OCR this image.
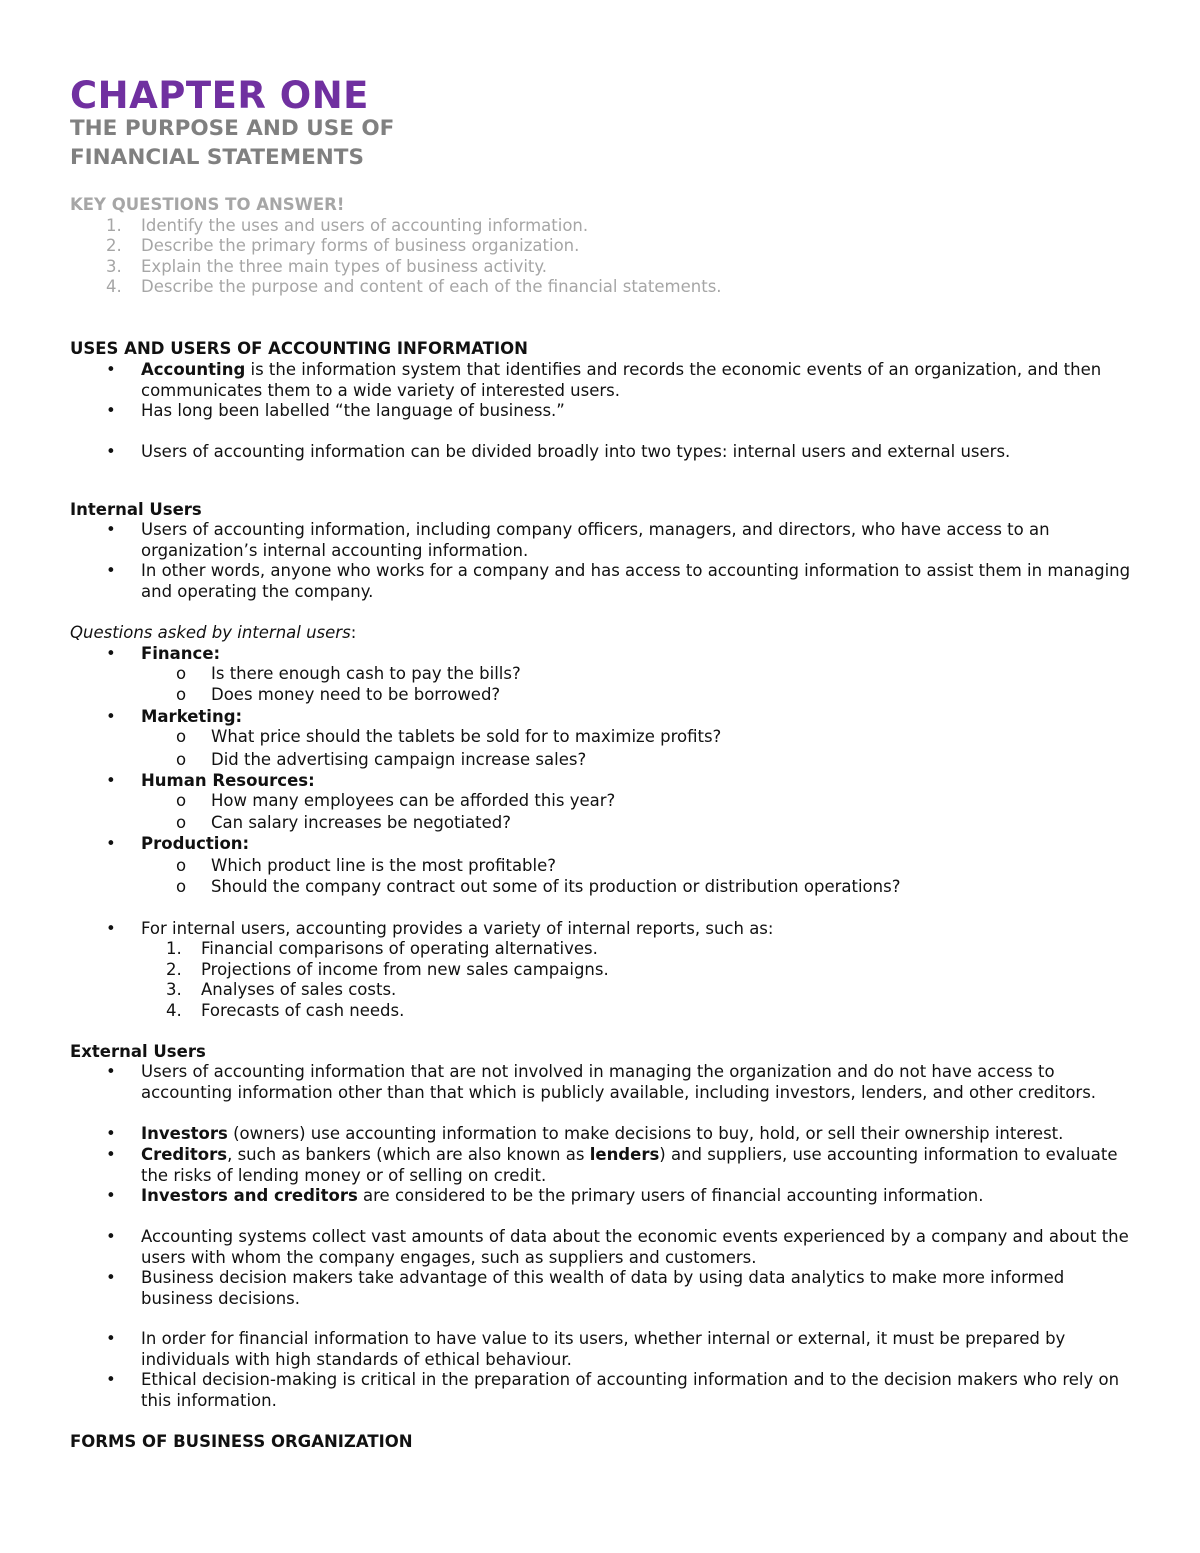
CHAPTER ONE
THE PURPOSE AND USE OF
FINANCIAL STATEMENTS
KEY QUESTIONS TO ANSWER!
1. Identify the uses and users of accounting information.
2. Describe the primary forms of business organization.
3. Explain the three main types of business activity.
4. Describe the purpose and content of each of the financial statements.
USES AND USERS OF ACCOUNTING INFORMATION
• Accounting is the information system that identifies and records the economic events of an organization, and then communicates them to a wide variety of interested users.
• Has long been labelled “the language of business.”
• Users of accounting information can be divided broadly into two types: internal users and external users.
Internal Users
• Users of accounting information, including company officers, managers, and directors, who have access to an organization’s internal accounting information.
• In other words, anyone who works for a company and has access to accounting information to assist them in managing and operating the company.
Questions asked by internal users:
• Finance:
o Is there enough cash to pay the bills?
o Does money need to be borrowed?
• Marketing:
o What price should the tablets be sold for to maximize profits?
o Did the advertising campaign increase sales?
• Human Resources:
o How many employees can be afforded this year?
o Can salary increases be negotiated?
• Production:
o Which product line is the most profitable?
o Should the company contract out some of its production or distribution operations?
• For internal users, accounting provides a variety of internal reports, such as:
1. Financial comparisons of operating alternatives.
2. Projections of income from new sales campaigns.
3. Analyses of sales costs.
4. Forecasts of cash needs.
External Users
• Users of accounting information that are not involved in managing the organization and do not have access to accounting information other than that which is publicly available, including investors, lenders, and other creditors.
• Investors (owners) use accounting information to make decisions to buy, hold, or sell their ownership interest.
• Creditors, such as bankers (which are also known as lenders) and suppliers, use accounting information to evaluate the risks of lending money or of selling on credit.
• Investors and creditors are considered to be the primary users of financial accounting information.
• Accounting systems collect vast amounts of data about the economic events experienced by a company and about the users with whom the company engages, such as suppliers and customers.
• Business decision makers take advantage of this wealth of data by using data analytics to make more informed business decisions.
• In order for financial information to have value to its users, whether internal or external, it must be prepared by individuals with high standards of ethical behaviour.
• Ethical decision-making is critical in the preparation of accounting information and to the decision makers who rely on this information.
FORMS OF BUSINESS ORGANIZATION
